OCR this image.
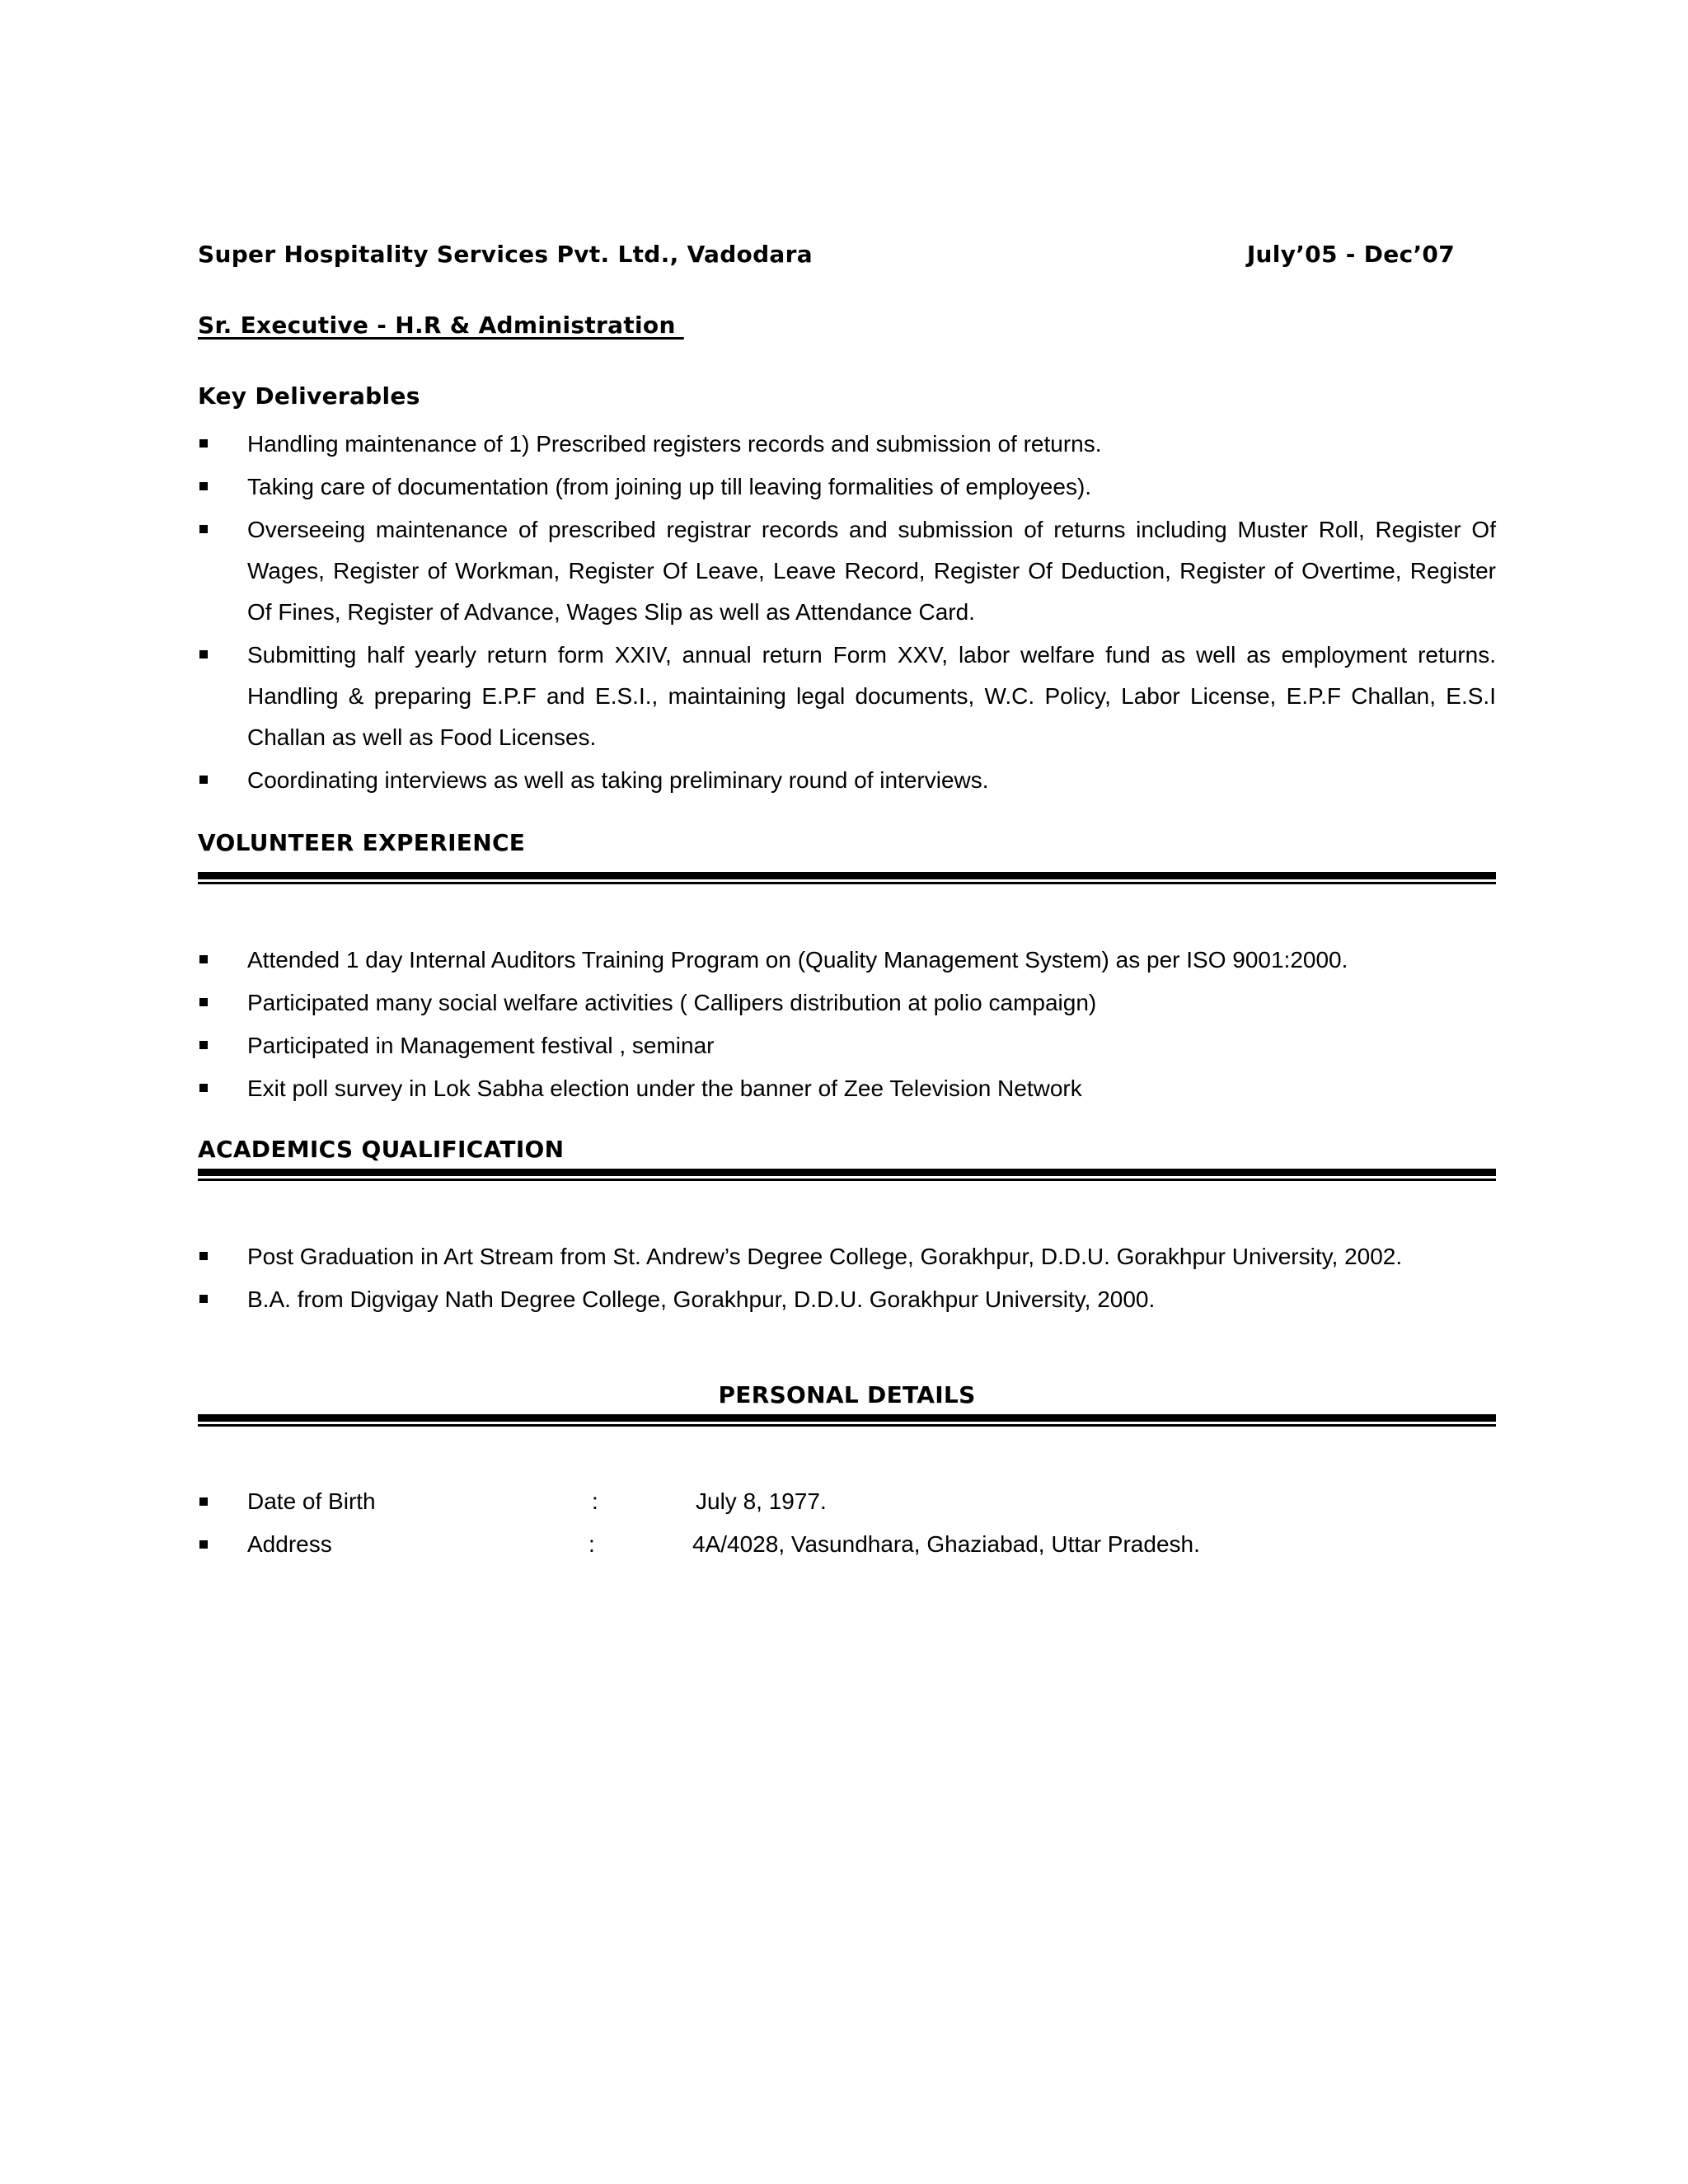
Super Hospitality Services Pvt. Ltd., Vadodara	July’05 - Dec’07
Sr. Executive - H.R & Administration
Key Deliverables
Handling maintenance of 1) Prescribed registers records and submission of returns.
Taking care of documentation (from joining up till leaving formalities of employees).
Overseeing maintenance of prescribed registrar records and submission of returns including Muster Roll, Register Of Wages, Register of Workman, Register Of Leave, Leave Record, Register Of Deduction, Register of Overtime, Register Of Fines, Register of Advance, Wages Slip as well as Attendance Card.
Submitting half yearly return form XXIV, annual return Form XXV, labor welfare fund as well as employment returns. Handling & preparing E.P.F and E.S.I., maintaining legal documents, W.C. Policy, Labor License, E.P.F Challan, E.S.I Challan as well as Food Licenses.
Coordinating interviews as well as taking preliminary round of interviews.
VOLUNTEER EXPERIENCE
Attended 1 day Internal Auditors Training Program on (Quality Management System) as per ISO 9001:2000.
Participated many social welfare activities ( Callipers distribution at polio campaign)
Participated in Management festival , seminar
Exit poll survey in Lok Sabha election under the banner of Zee Television Network
ACADEMICS QUALIFICATION
Post Graduation in Art Stream from St. Andrew’s Degree College, Gorakhpur, D.D.U. Gorakhpur University, 2002.
B.A. from Digvigay Nath Degree College, Gorakhpur, D.D.U. Gorakhpur University, 2000.
PERSONAL DETAILS
Date of Birth	:	July 8, 1977.
Address	:	4A/4028, Vasundhara, Ghaziabad, Uttar Pradesh.
